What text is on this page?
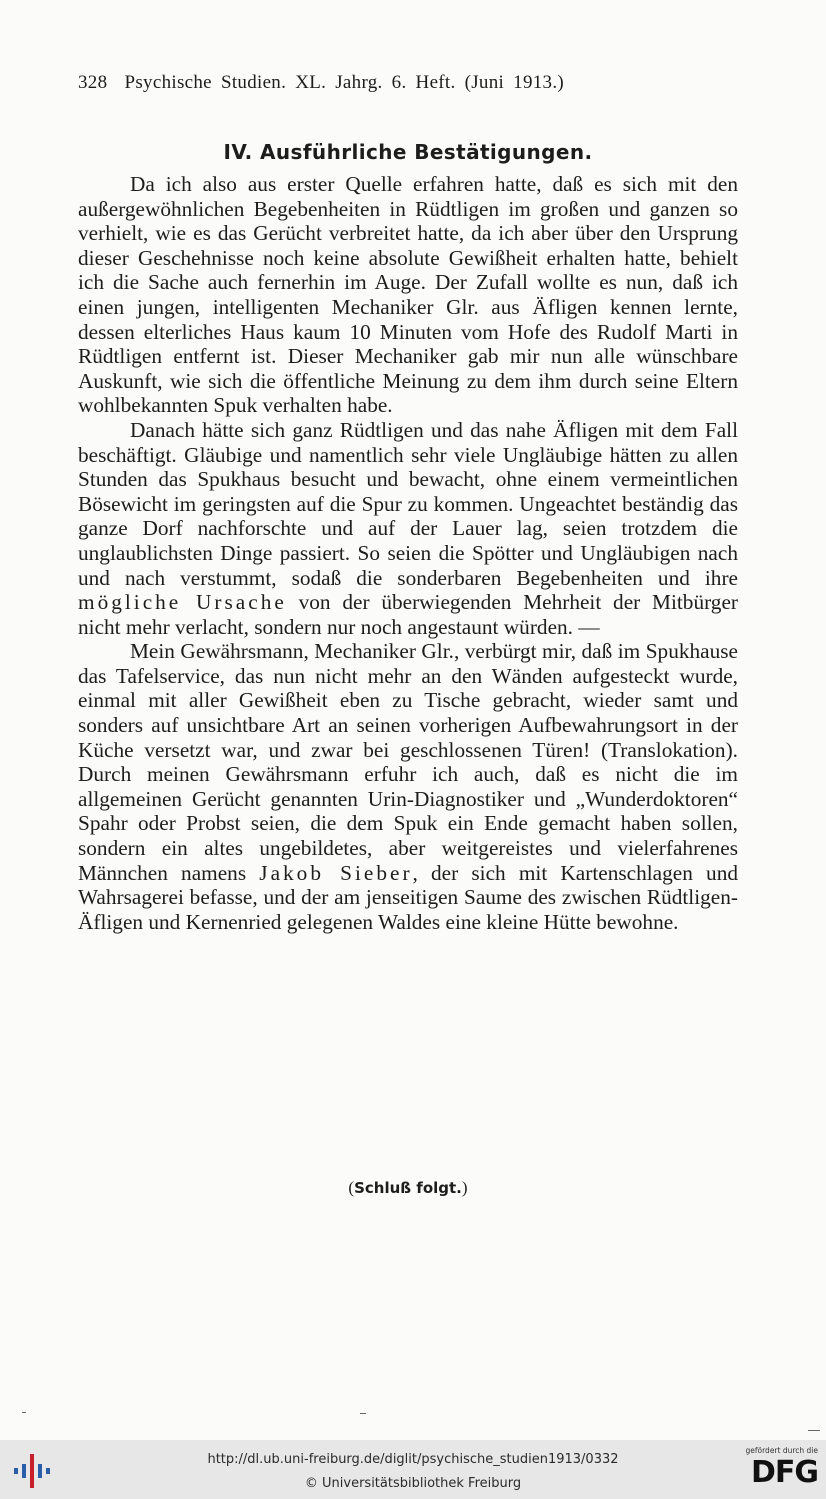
328 Psychische Studien. XL. Jahrg. 6. Heft. (Juni 1913.)
IV. Ausführliche Bestätigungen.

Da ich also aus erster Quelle erfahren hatte, daß es sich mit den außergewöhnlichen Begebenheiten in Rüdtligen im großen und ganzen so verhielt, wie es das Gerücht verbreitet hatte, da ich aber über den Ursprung dieser Geschehnisse noch keine absolute Gewißheit erhalten hatte, behielt ich die Sache auch fernerhin im Auge. Der Zufall wollte es nun, daß ich einen jungen, intelligenten Mechaniker Glr. aus Äfligen kennen lernte, dessen elterliches Haus kaum 10 Minuten vom Hofe des Rudolf Marti in Rüdtligen entfernt ist. Dieser Mechaniker gab mir nun alle wünschbare Auskunft, wie sich die öffentliche Meinung zu dem ihm durch seine Eltern wohlbekannten Spuk verhalten habe.

Danach hätte sich ganz Rüdtligen und das nahe Äfligen mit dem Fall beschäftigt. Gläubige und namentlich sehr viele Ungläubige hätten zu allen Stunden das Spukhaus besucht und bewacht, ohne einem vermeintlichen Bösewicht im geringsten auf die Spur zu kommen. Ungeachtet beständig das ganze Dorf nachforschte und auf der Lauer lag, seien trotzdem die unglaublichsten Dinge passiert. So seien die Spötter und Ungläubigen nach und nach verstummt, sodaß die sonderbaren Begebenheiten und ihre mögliche Ursache von der überwiegenden Mehrheit der Mitbürger nicht mehr verlacht, sondern nur noch angestaunt würden. —

Mein Gewährsmann, Mechaniker Glr., verbürgt mir, daß im Spukhause das Tafelservice, das nun nicht mehr an den Wänden aufgesteckt wurde, einmal mit aller Gewißheit eben zu Tische gebracht, wieder samt und sonders auf unsichtbare Art an seinen vorherigen Aufbewahrungsort in der Küche versetzt war, und zwar bei geschlossenen Türen! (Translokation). Durch meinen Gewährsmann erfuhr ich auch, daß es nicht die im allgemeinen Gerücht genannten Urin-Diagnostiker und „Wunderdoktoren“ Spahr oder Probst seien, die dem Spuk ein Ende gemacht haben sollen, sondern ein altes ungebildetes, aber weitgereistes und vielerfahrenes Männchen namens Jakob Sieber, der sich mit Kartenschlagen und Wahrsagerei befasse, und der am jenseitigen Saume des zwischen Rüdtligen-Äfligen und Kernenried gelegenen Waldes eine kleine Hütte bewohne.

(Schluß folgt.)
http://dl.ub.uni-freiburg.de/diglit/psychische_studien1913/0332
© Universitätsbibliothek Freiburg
gefördert durch die
DFG
